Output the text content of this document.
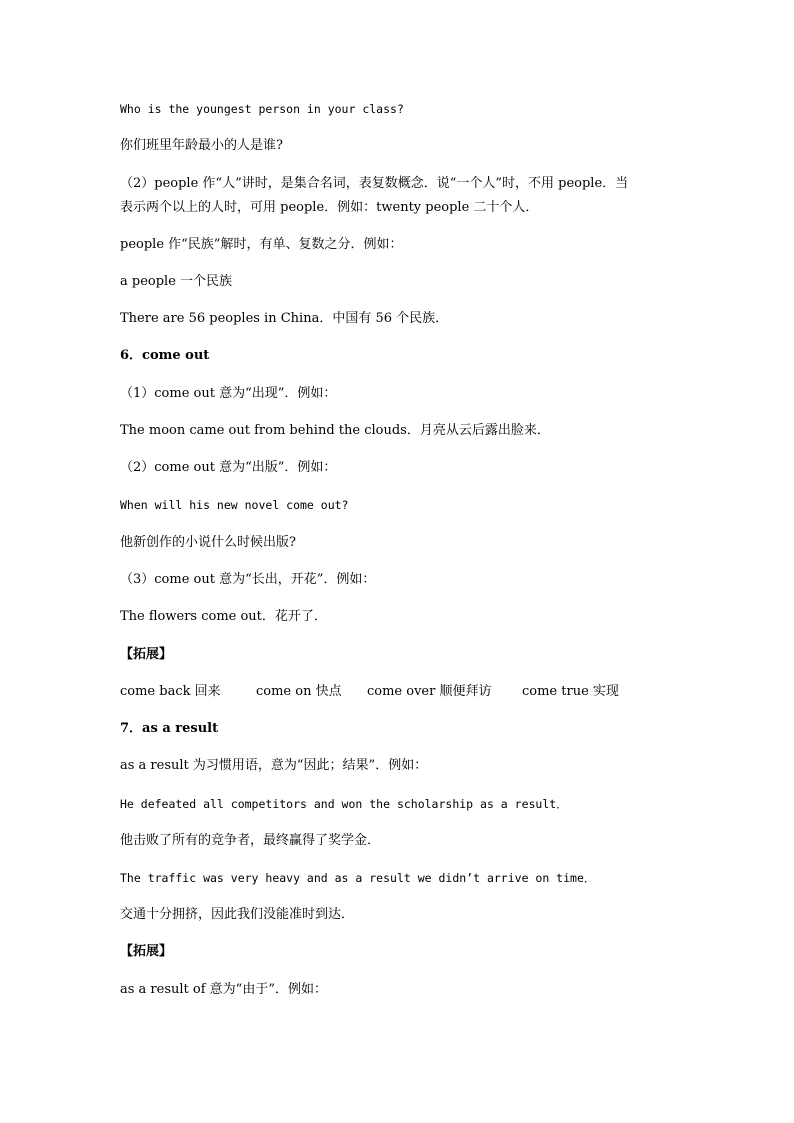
Who is the youngest person in your class?
你们班里年龄最小的人是谁?
（2）people 作“人”讲时，是集合名词，表复数概念．说“一个人”时，不用 people．当
表示两个以上的人时，可用 people．例如：twenty people 二十个人．
people 作“民族”解时，有单、复数之分．例如：
a people 一个民族
There are 56 peoples in China．中国有 56 个民族．
6．come out
（1）come out 意为“出现”．例如：
The moon came out from behind the clouds．月亮从云后露出脸来．
（2）come out 意为“出版”．例如：
When will his new novel come out?
他新创作的小说什么时候出版?
（3）come out 意为“长出，开花”．例如：
The flowers come out．花开了．
【拓展】
come back 回来	come on 快点 come over 顺便拜访 come true 实现
7．as a result
as a result 为习惯用语，意为“因此；结果”．例如：
He defeated all competitors and won the scholarship as a result．
他击败了所有的竞争者，最终赢得了奖学金．
The traffic was very heavy and as a result we didn’t arrive on time．
交通十分拥挤，因此我们没能准时到达．
【拓展】
as a result of 意为“由于”．例如：
